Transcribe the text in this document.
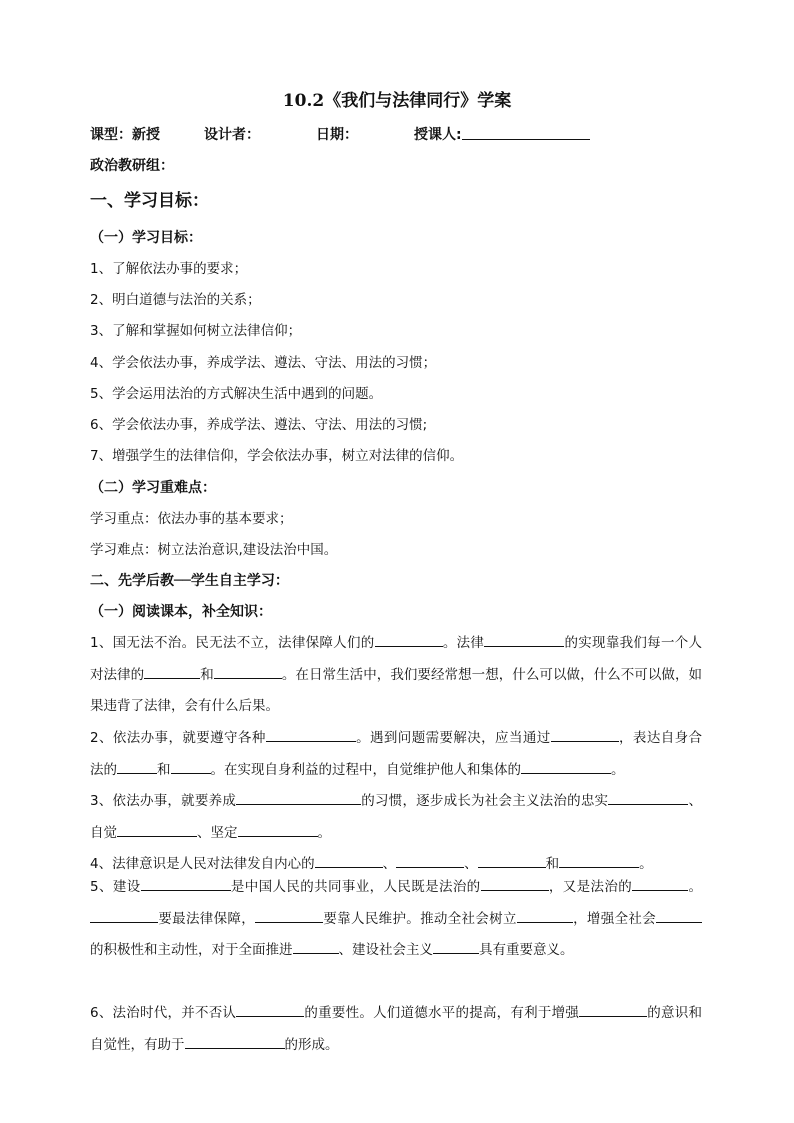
10.2《我们与法律同行》学案
课型：新授	设计者：	日期：	授课人:
政治教研组：
一、学习目标：
（一）学习目标：
1、了解依法办事的要求；
2、明白道德与法治的关系；
3、了解和掌握如何树立法律信仰；
4、学会依法办事，养成学法、遵法、守法、用法的习惯；
5、学会运用法治的方式解决生活中遇到的问题。
6、学会依法办事，养成学法、遵法、守法、用法的习惯;
7、增强学生的法律信仰，学会依法办事，树立对法律的信仰。
（二）学习重难点：
学习重点：依法办事的基本要求；
学习难点：树立法治意识,建设法治中国。
二、先学后教──学生自主学习：
（一）阅读课本，补全知识：
1、国无法不治。民无法不立，法律保障人们的	。法律	的实现靠我们每一个人对法律的	和	。在日常生活中，我们要经常想一想，什么可以做，什么不可以做，如果违背了法律，会有什么后果。
2、依法办事，就要遵守各种	。遇到问题需要解决，应当通过	，表达自身合法的	和	。在实现自身利益的过程中，自觉维护他人和集体的	。
3、依法办事，就要养成	的习惯，逐步成长为社会主义法治的忠实	、自觉	、坚定	。
4、法律意识是人民对法律发自内心的	、	、	和	。
5、建设	是中国人民的共同事业，人民既是法治的	，又是法治的	。要最法律保障，	要靠人民维护。推动全社会树立	，增强全社会的积极性和主动性，对于全面推进	、建设社会主义	具有重要意义。
6、法治时代，并不否认	的重要性。人们道德水平的提高，有利于增强	的意识和自觉性，有助于	的形成。
